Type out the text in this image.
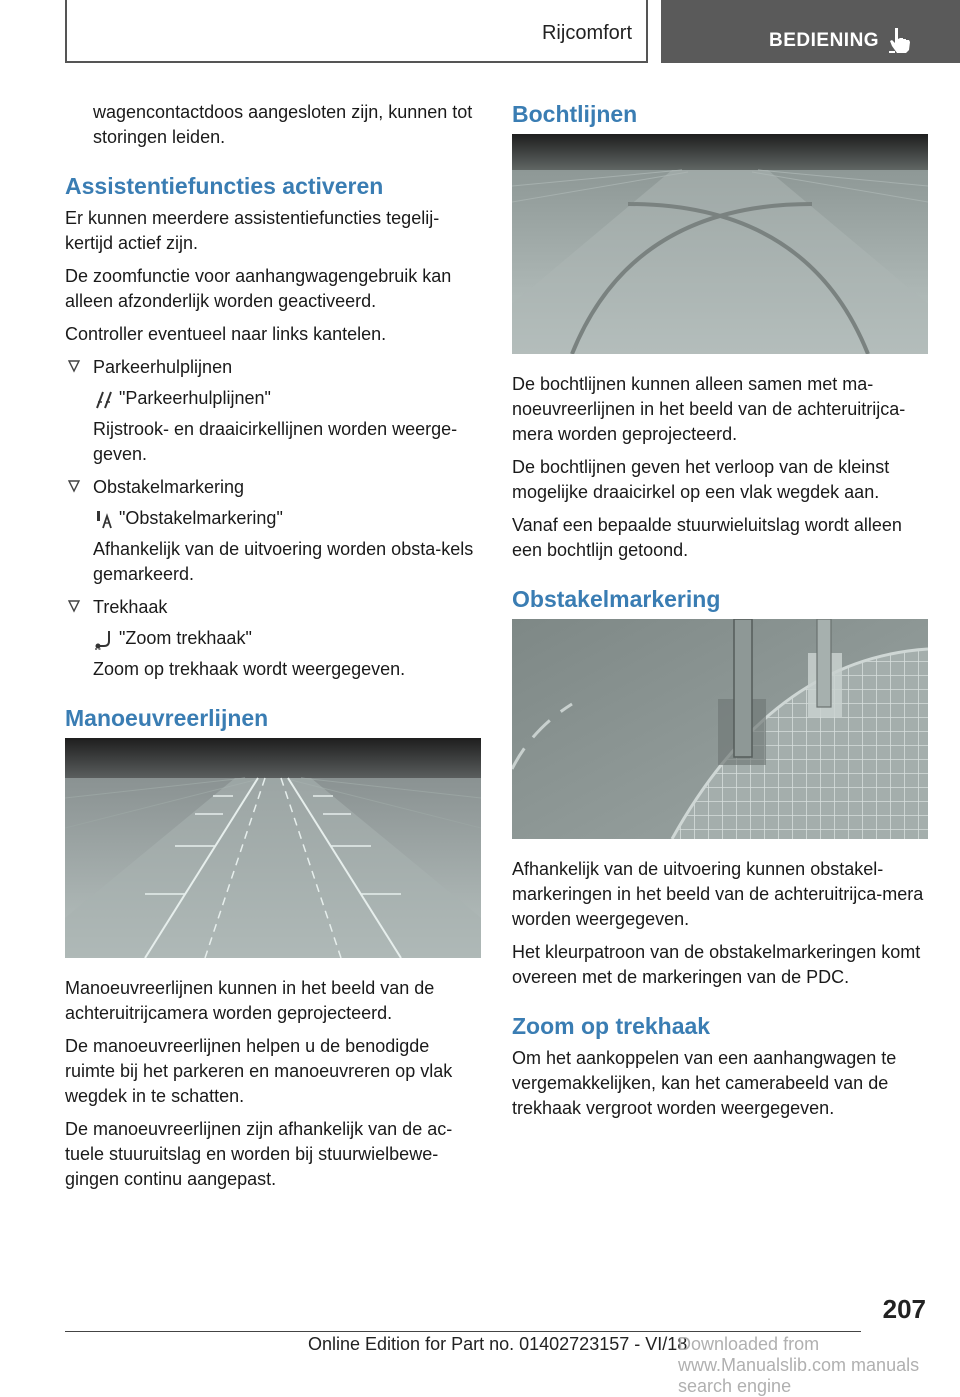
Rijcomfort	BEDIENING

wagencontactdoos aangesloten zijn, kunnen tot storingen leiden.

Assistentiefuncties activeren

Er kunnen meerdere assistentiefuncties tegelij-kertijd actief zijn.

De zoomfunctie voor aanhangwagengebruik kan alleen afzonderlijk worden geactiveerd.

Controller eventueel naar links kantelen.

Parkeerhulplijnen

"Parkeerhulplijnen"

Rijstrook- en draaicirkellijnen worden weerge-geven.

Obstakelmarkering

"Obstakelmarkering"

Afhankelijk van de uitvoering worden obsta-kels gemarkeerd.

Trekhaak

"Zoom trekhaak"

Zoom op trekhaak wordt weergegeven.

Manoeuvreerlijnen

Manoeuvreerlijnen kunnen in het beeld van de achteruitrijcamera worden geprojecteerd.

De manoeuvreerlijnen helpen u de benodigde ruimte bij het parkeren en manoeuvreren op vlak wegdek in te schatten.

De manoeuvreerlijnen zijn afhankelijk van de ac-tuele stuuruitslag en worden bij stuurwielbewe-gingen continu aangepast.

Bochtlijnen

De bochtlijnen kunnen alleen samen met ma-noeuvreerlijnen in het beeld van de achteruitrijca-mera worden geprojecteerd.

De bochtlijnen geven het verloop van de kleinst mogelijke draaicirkel op een vlak wegdek aan.

Vanaf een bepaalde stuurwieluitslag wordt alleen een bochtlijn getoond.

Obstakelmarkering

Afhankelijk van de uitvoering kunnen obstakel-markeringen in het beeld van de achteruitrijca-mera worden weergegeven.

Het kleurpatroon van de obstakelmarkeringen komt overeen met de markeringen van de PDC.

Zoom op trekhaak

Om het aankoppelen van een aanhangwagen te vergemakkelijken, kan het camerabeeld van de trekhaak vergroot worden weergegeven.

207
Online Edition for Part no. 01402723157 - VI/18
Downloaded from www.Manualslib.com manuals search engine
